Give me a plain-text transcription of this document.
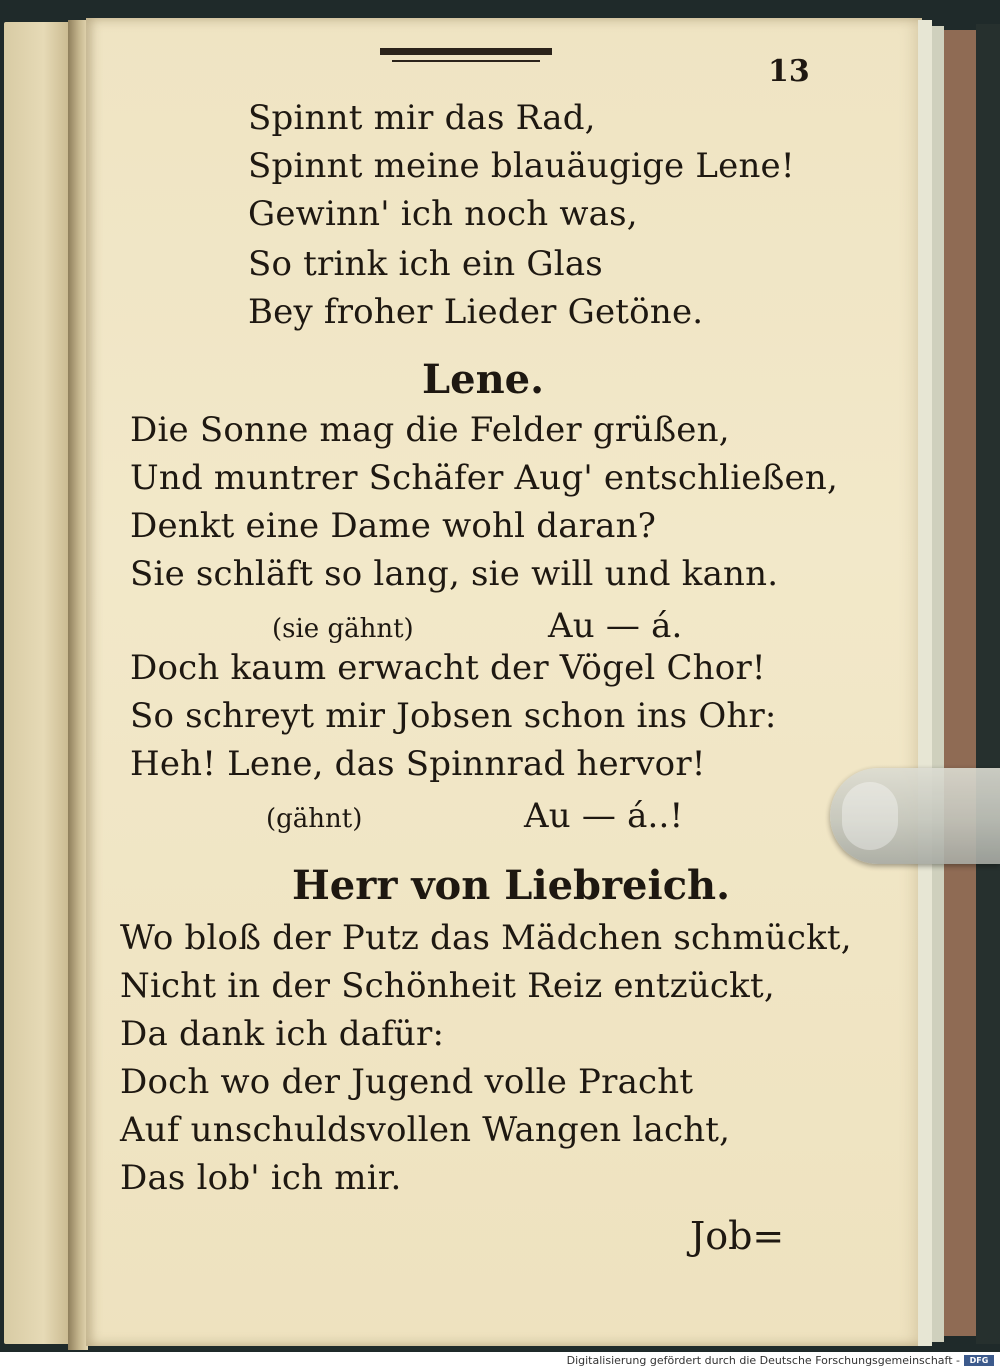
13
Spinnt mir das Rad,
Spinnt meine blauäugige Lene!
Gewinn' ich noch was,
So trink ich ein Glas
Bey froher Lieder Getöne.
Lene.
Die Sonne mag die Felder grüßen,
Und muntrer Schäfer Aug' entschließen,
Denkt eine Dame wohl daran?
Sie schläft so lang, sie will und kann.
(sie gähnt)	Au — á.
Doch kaum erwacht der Vögel Chor!
So schreyt mir Jobsen schon ins Ohr:
Heh! Lene, das Spinnrad hervor!
(gähnt)	Au — á..!
Herr von Liebreich.
Wo bloß der Putz das Mädchen schmückt,
Nicht in der Schönheit Reiz entzückt,
Da dank ich dafür:
Doch wo der Jugend volle Pracht
Auf unschuldsvollen Wangen lacht,
Das lob' ich mir.
Job=
Digitalisierung gefördert durch die Deutsche Forschungsgemeinschaft -	DFG
